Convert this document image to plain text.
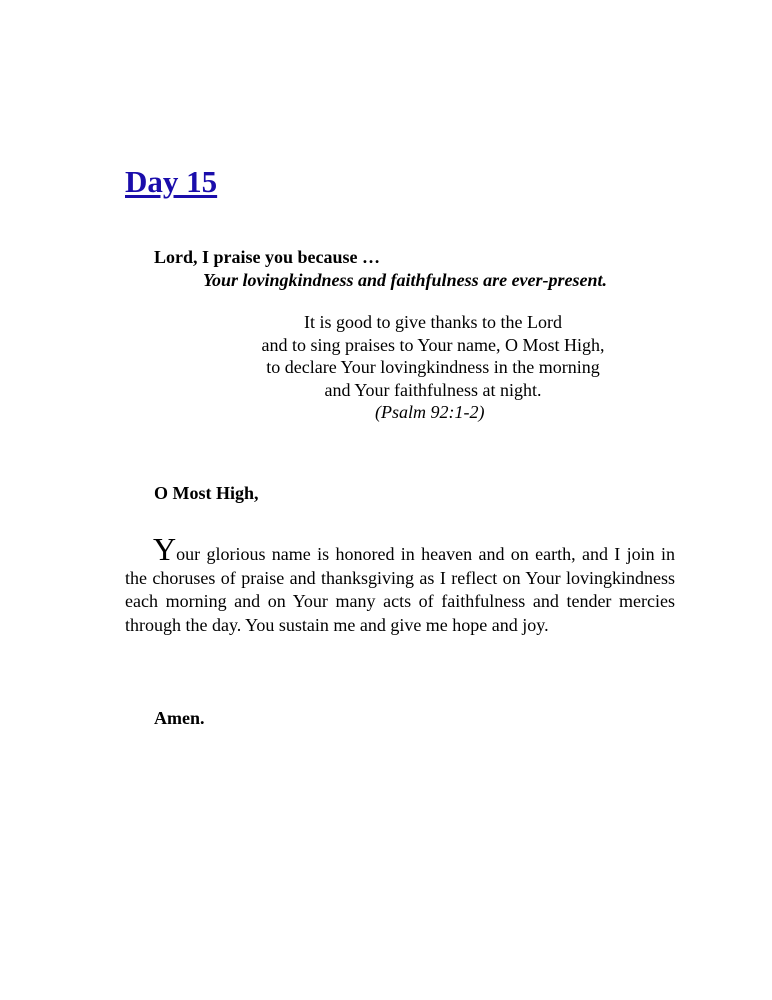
Day 15
Lord, I praise you because …
Your lovingkindness and faithfulness are ever-present.
It is good to give thanks to the Lord
and to sing praises to Your name, O Most High,
to declare Your lovingkindness in the morning
and Your faithfulness at night.
(Psalm 92:1-2)
O Most High,

Your glorious name is honored in heaven and on earth, and I join in the choruses of praise and thanksgiving as I reflect on Your lovingkindness each morning and on Your many acts of faithfulness and tender mercies through the day. You sustain me and give me hope and joy.

Amen.
